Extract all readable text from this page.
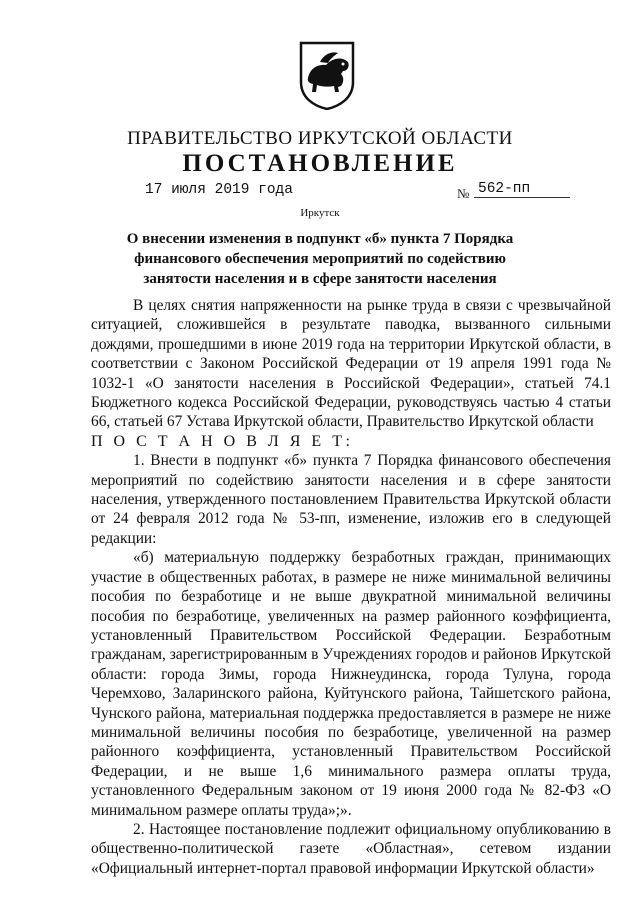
ПРАВИТЕЛЬСТВО ИРКУТСКОЙ ОБЛАСТИ
ПОСТАНОВЛЕНИЕ
17 июля 2019 года	№ 562-пп
Иркутск
О внесении изменения в подпункт «б» пункта 7 Порядка финансового обеспечения мероприятий по содействию занятости населения и в сфере занятости населения

В целях снятия напряженности на рынке труда в связи с чрезвычайной ситуацией, сложившейся в результате паводка, вызванного сильными дождями, прошедшими в июне 2019 года на территории Иркутской области, в соответствии с Законом Российской Федерации от 19 апреля 1991 года № 1032-1 «О занятости населения в Российской Федерации», статьей 74.1 Бюджетного кодекса Российской Федерации, руководствуясь частью 4 статьи 66, статьей 67 Устава Иркутской области, Правительство Иркутской области

П О С Т А Н О В Л Я Е Т:

1. Внести в подпункт «б» пункта 7 Порядка финансового обеспечения мероприятий по содействию занятости населения и в сфере занятости населения, утвержденного постановлением Правительства Иркутской области от 24 февраля 2012 года № 53-пп, изменение, изложив его в следующей редакции:

«б) материальную поддержку безработных граждан, принимающих участие в общественных работах, в размере не ниже минимальной величины пособия по безработице и не выше двукратной минимальной величины пособия по безработице, увеличенных на размер районного коэффициента, установленный Правительством Российской Федерации. Безработным гражданам, зарегистрированным в Учреждениях городов и районов Иркутской области: города Зимы, города Нижнеудинска, города Тулуна, города Черемхово, Заларинского района, Куйтунского района, Тайшетского района, Чунского района, материальная поддержка предоставляется в размере не ниже минимальной величины пособия по безработице, увеличенной на размер районного коэффициента, установленный Правительством Российской Федерации, и не выше 1,6 минимального размера оплаты труда, установленного Федеральным законом от 19 июня 2000 года № 82-ФЗ «О минимальном размере оплаты труда»;».

2. Настоящее постановление подлежит официальному опубликованию в общественно-политической газете «Областная», сетевом издании «Официальный интернет-портал правовой информации Иркутской области»
